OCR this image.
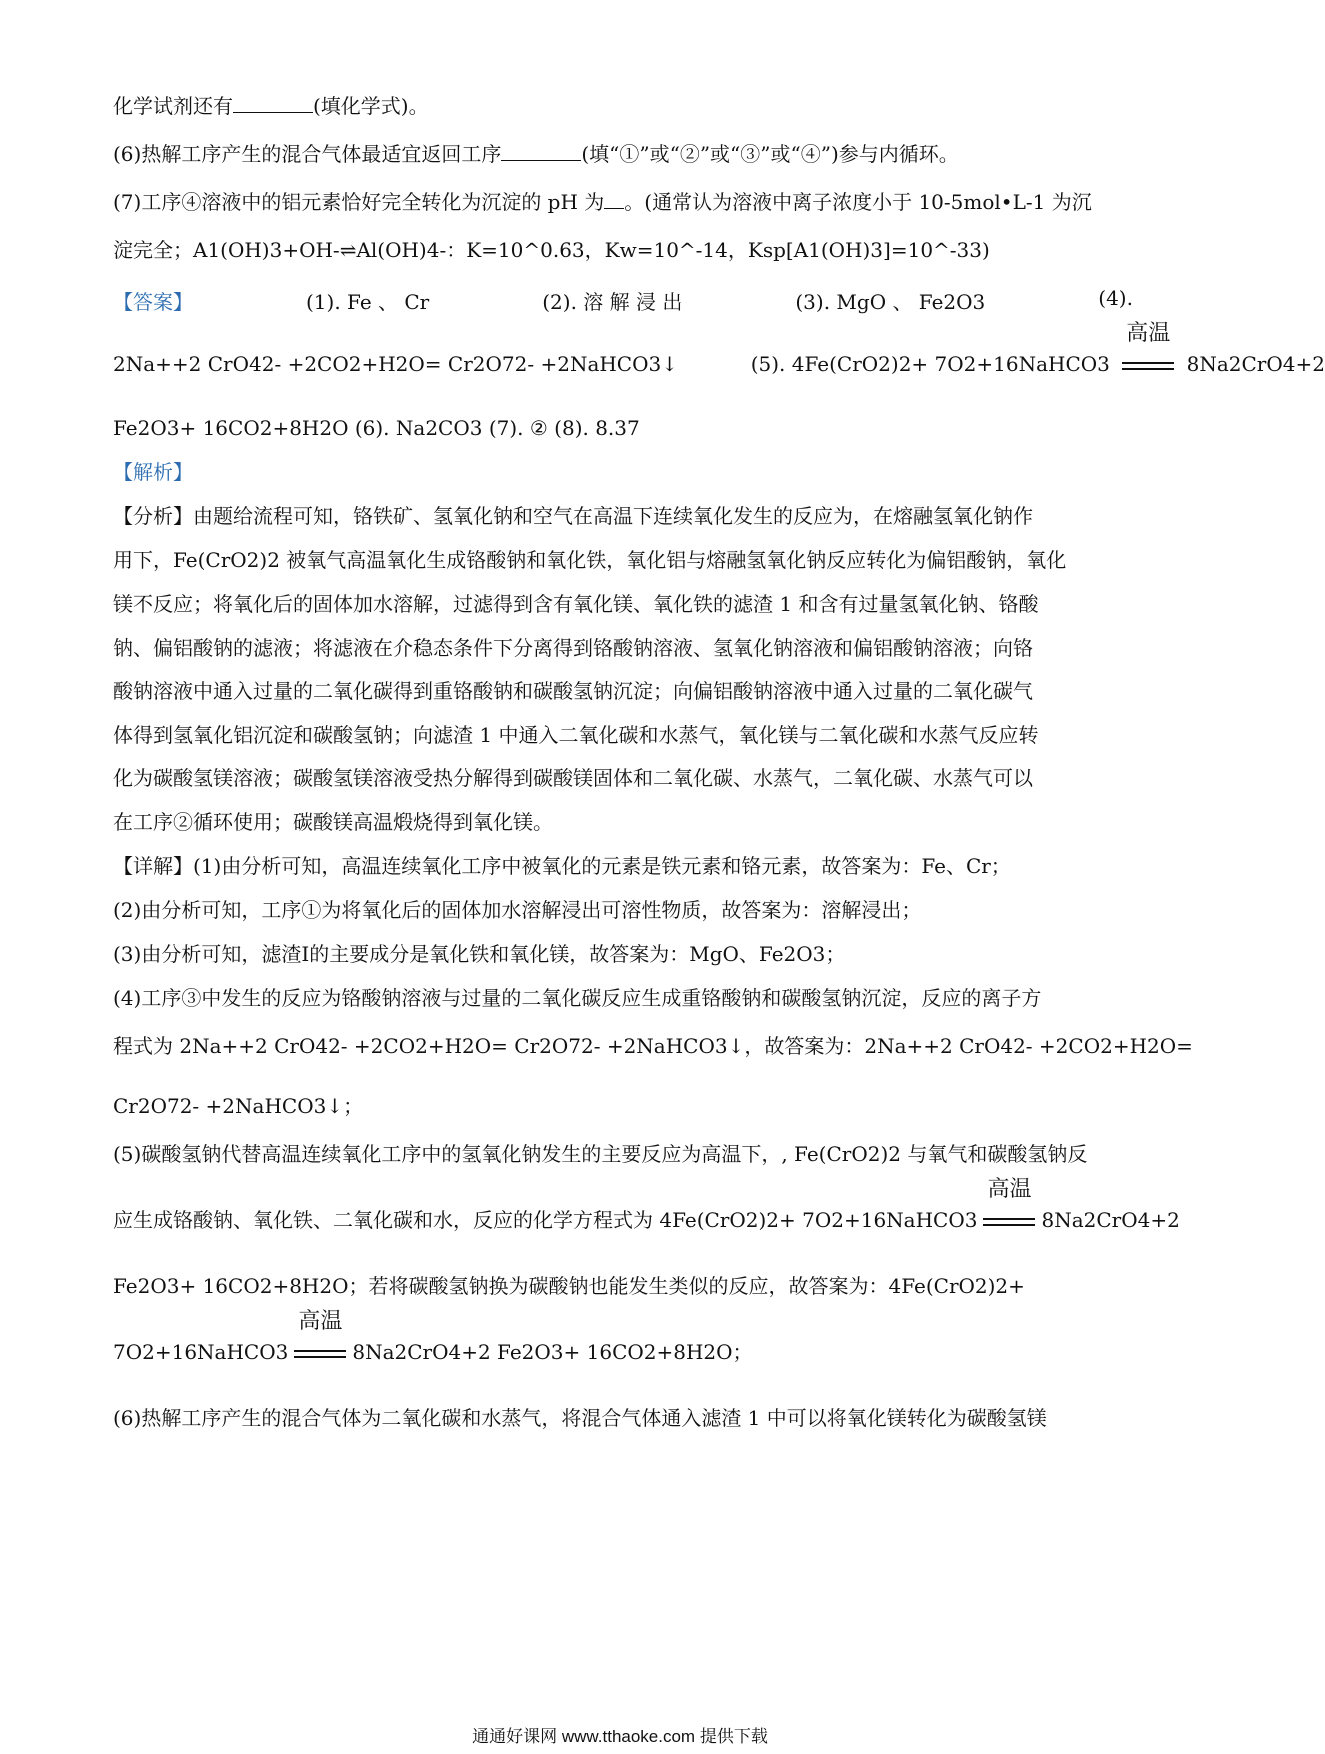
化学试剂还有	(填化学式)。
(6)热解工序产生的混合气体最适宜返回工序	(填“①”或“②”或“③”或“④”)参与内循环。
(7)工序④溶液中的铝元素恰好完全转化为沉淀的 pH 为 。(通常认为溶液中离子浓度小于 10-5mol•L-1 为沉
淀完全；A1(OH)3+OH-⇌Al(OH)4-：K=10^0.63，Kw=10^-14，Ksp[A1(OH)3]=10^-33)
【答案】	(1). Fe 、 Cr	(2). 溶 解 浸 出	(3). MgO 、 Fe2O3	(4).
2Na++2 CrO42- +2CO2+H2O= Cr2O72- +2NaHCO3↓	(5). 4Fe(CrO2)2+ 7O2+16NaHCO3
高温
8Na2CrO4+2
Fe2O3+ 16CO2+8H2O (6). Na2CO3 (7). ② (8). 8.37
【解析】
【分析】由题给流程可知，铬铁矿、氢氧化钠和空气在高温下连续氧化发生的反应为，在熔融氢氧化钠作
用下，Fe(CrO2)2 被氧气高温氧化生成铬酸钠和氧化铁，氧化铝与熔融氢氧化钠反应转化为偏铝酸钠，氧化
镁不反应；将氧化后的固体加水溶解，过滤得到含有氧化镁、氧化铁的滤渣 1 和含有过量氢氧化钠、铬酸
钠、偏铝酸钠的滤液；将滤液在介稳态条件下分离得到铬酸钠溶液、氢氧化钠溶液和偏铝酸钠溶液；向铬
酸钠溶液中通入过量的二氧化碳得到重铬酸钠和碳酸氢钠沉淀；向偏铝酸钠溶液中通入过量的二氧化碳气
体得到氢氧化铝沉淀和碳酸氢钠；向滤渣 1 中通入二氧化碳和水蒸气，氧化镁与二氧化碳和水蒸气反应转
化为碳酸氢镁溶液；碳酸氢镁溶液受热分解得到碳酸镁固体和二氧化碳、水蒸气，二氧化碳、水蒸气可以
在工序②循环使用；碳酸镁高温煅烧得到氧化镁。
【详解】(1)由分析可知，高温连续氧化工序中被氧化的元素是铁元素和铬元素，故答案为：Fe、Cr；
(2)由分析可知，工序①为将氧化后的固体加水溶解浸出可溶性物质，故答案为：溶解浸出；
(3)由分析可知，滤渣I的主要成分是氧化铁和氧化镁，故答案为：MgO、Fe2O3；
(4)工序③中发生的反应为铬酸钠溶液与过量的二氧化碳反应生成重铬酸钠和碳酸氢钠沉淀，反应的离子方
程式为 2Na++2 CrO42- +2CO2+H2O= Cr2O72- +2NaHCO3↓，故答案为：2Na++2 CrO42- +2CO2+H2O=
Cr2O72- +2NaHCO3↓；
(5)碳酸氢钠代替高温连续氧化工序中的氢氧化钠发生的主要反应为高温下，, Fe(CrO2)2 与氧气和碳酸氢钠反
应生成铬酸钠、氧化铁、二氧化碳和水，反应的化学方程式为 4Fe(CrO2)2+ 7O2+16NaHCO3
高温
8Na2CrO4+2
Fe2O3+ 16CO2+8H2O；若将碳酸氢钠换为碳酸钠也能发生类似的反应，故答案为：4Fe(CrO2)2+
7O2+16NaHCO3
高温
8Na2CrO4+2 Fe2O3+ 16CO2+8H2O；
(6)热解工序产生的混合气体为二氧化碳和水蒸气，将混合气体通入滤渣 1 中可以将氧化镁转化为碳酸氢镁
通通好课网 www.tthaoke.com 提供下载
